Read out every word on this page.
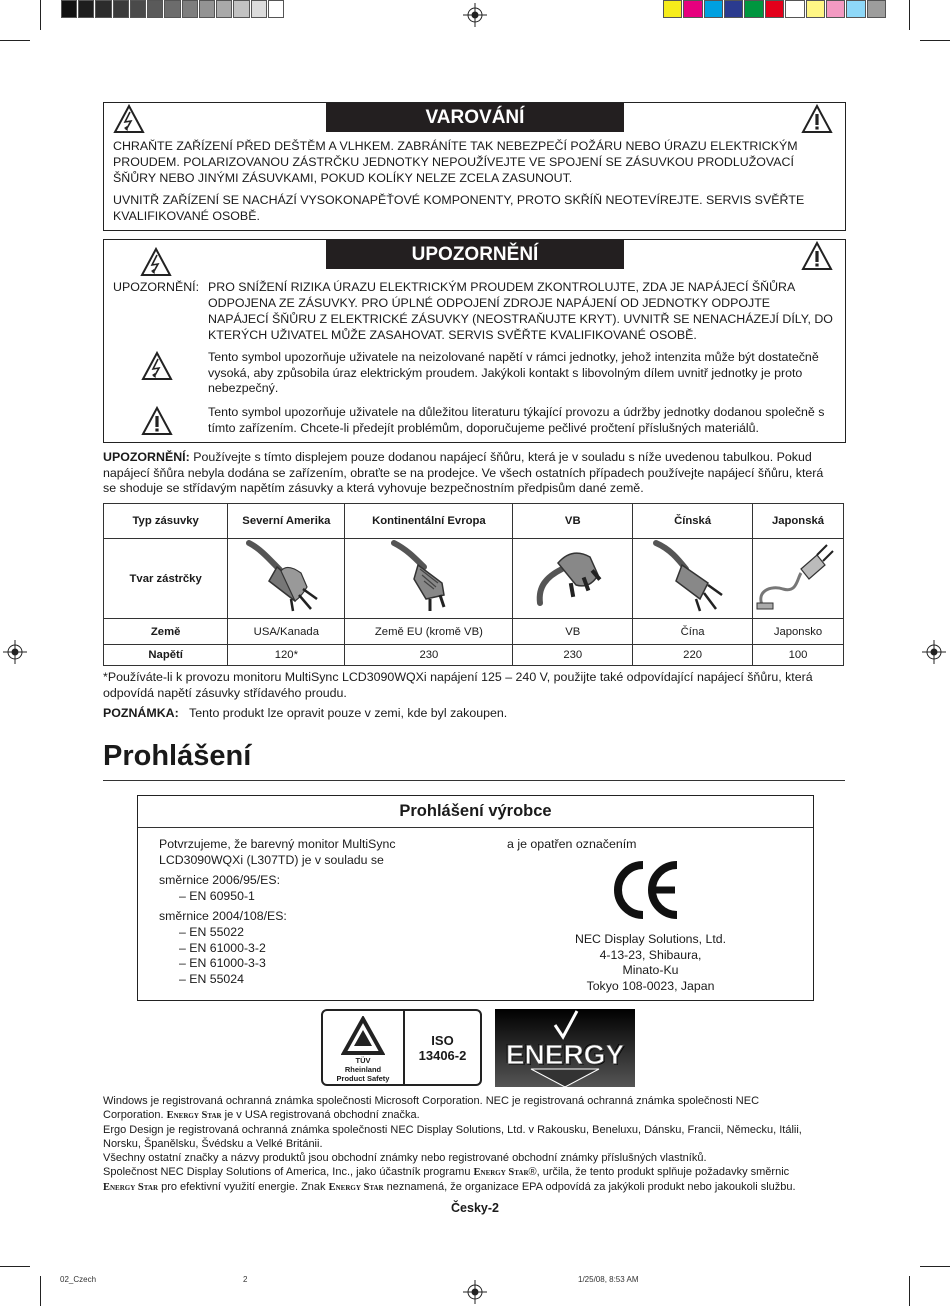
VAROVÁNÍ
CHRAŇTE ZAŘÍZENÍ PŘED DEŠTĚM A VLHKEM. ZABRÁNÍTE TAK NEBEZPEČÍ POŽÁRU NEBO ÚRAZU ELEKTRICKÝM PROUDEM. POLARIZOVANOU ZÁSTRČKU JEDNOTKY NEPOUŽÍVEJTE VE SPOJENÍ SE ZÁSUVKOU PRODLUŽOVACÍ ŠŇŮRY NEBO JINÝMI ZÁSUVKAMI, POKUD KOLÍKY NELZE ZCELA ZASUNOUT.
UVNITŘ ZAŘÍZENÍ SE NACHÁZÍ VYSOKONAPĚŤOVÉ KOMPONENTY, PROTO SKŘÍŇ NEOTEVÍREJTE. SERVIS SVĚŘTE KVALIFIKOVANÉ OSOBĚ.
UPOZORNĚNÍ
UPOZORNĚNÍ: PRO SNÍŽENÍ RIZIKA ÚRAZU ELEKTRICKÝM PROUDEM ZKONTROLUJTE, ZDA JE NAPÁJECÍ ŠŇŮRA ODPOJENA ZE ZÁSUVKY. PRO ÚPLNÉ ODPOJENÍ ZDROJE NAPÁJENÍ OD JEDNOTKY ODPOJTE NAPÁJECÍ ŠŇŮRU Z ELEKTRICKÉ ZÁSUVKY (NEOSTRAŇUJTE KRYT). UVNITŘ SE NENACHÁZEJÍ DÍLY, DO KTERÝCH UŽIVATEL MŮŽE ZASAHOVAT. SERVIS SVĚŘTE KVALIFIKOVANÉ OSOBĚ.
Tento symbol upozorňuje uživatele na neizolované napětí v rámci jednotky, jehož intenzita může být dostatečně vysoká, aby způsobila úraz elektrickým proudem. Jakýkoli kontakt s libovolným dílem uvnitř jednotky je proto nebezpečný.
Tento symbol upozorňuje uživatele na důležitou literaturu týkající provozu a údržby jednotky dodanou společně s tímto zařízením. Chcete-li předejít problémům, doporučujeme pečlivé pročtení příslušných materiálů.
UPOZORNĚNÍ: Používejte s tímto displejem pouze dodanou napájecí šňůru, která je v souladu s níže uvedenou tabulkou. Pokud napájecí šňůra nebyla dodána se zařízením, obraťte se na prodejce. Ve všech ostatních případech používejte napájecí šňůru, která se shoduje se střídavým napětím zásuvky a která vyhovuje bezpečnostním předpisům dané země.
Typ zásuvky	Severní Amerika	Kontinentální Evropa	VB	Čínská	Japonská
Tvar zástrčky					
Země	USA/Kanada	Země EU (kromě VB)	VB	Čína	Japonsko
Napětí	120*	230	230	220	100
*Používáte-li k provozu monitoru MultiSync LCD3090WQXi napájení 125 – 240 V, použijte také odpovídající napájecí šňůru, která odpovídá napětí zásuvky střídavého proudu.
POZNÁMKA: Tento produkt lze opravit pouze v zemi, kde byl zakoupen.
Prohlášení
Prohlášení výrobce
Potvrzujeme, že barevný monitor MultiSync
LCD3090WQXi (L307TD) je v souladu se
směrnice 2006/95/ES:
– EN 60950-1
směrnice 2004/108/ES:
– EN 55022
– EN 61000-3-2
– EN 61000-3-3
– EN 55024
a je opatřen označením
NEC Display Solutions, Ltd.
4-13-23, Shibaura,
Minato-Ku
Tokyo 108-0023, Japan
TÜV
Rheinland
Product Safety
ISO
13406-2	ENERGY
Windows je registrovaná ochranná známka společnosti Microsoft Corporation. NEC je registrovaná ochranná známka společnosti NEC
Corporation. Energy Star je v USA registrovaná obchodní značka.
Ergo Design je registrovaná ochranná známka společnosti NEC Display Solutions, Ltd. v Rakousku, Beneluxu, Dánsku, Francii, Německu, Itálii,
Norsku, Španělsku, Švédsku a Velké Británii.
Všechny ostatní značky a názvy produktů jsou obchodní známky nebo registrované obchodní známky příslušných vlastníků.
Společnost NEC Display Solutions of America, Inc., jako účastník programu Energy Star®, určila, že tento produkt splňuje požadavky směrnic
Energy Star pro efektivní využití energie. Znak Energy Star neznamená, že organizace EPA odpovídá za jakýkoli produkt nebo jakoukoli službu.
Česky-2
02_Czech	2	1/25/08, 8:53 AM
